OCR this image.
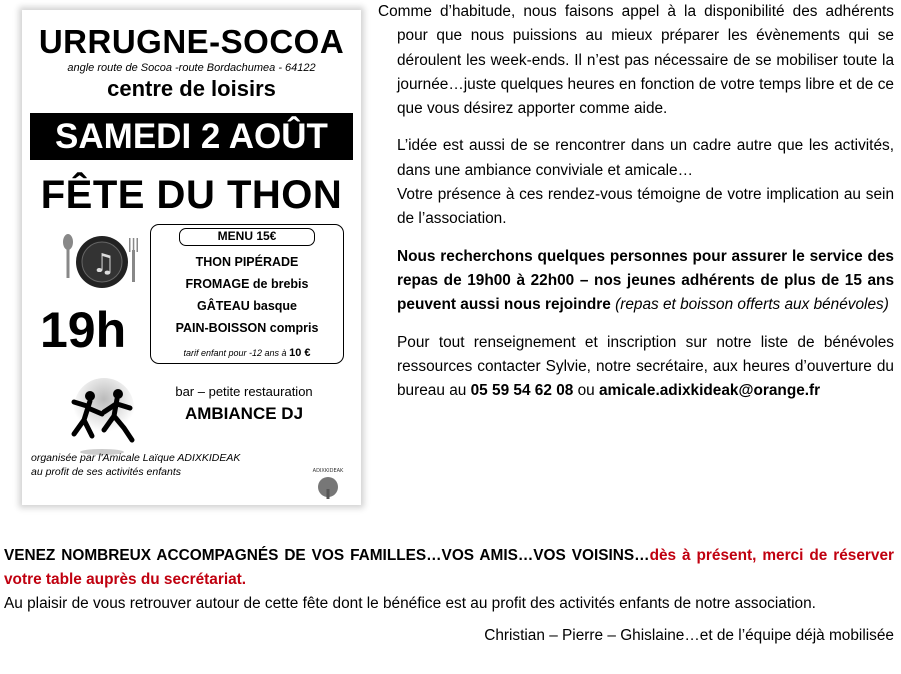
URRUGNE-SOCOA
angle route de Socoa -route Bordachumea - 64122
centre de loisirs
SAMEDI 2 AOÛT
FÊTE DU THON
♫
19h
MENU 15€
THON PIPÉRADE
FROMAGE de brebis
GÂTEAU basque
PAIN-BOISSON compris
tarif enfant pour -12 ans à 10 €
bar – petite restauration
AMBIANCE DJ
organisée par l'Amicale Laïque ADIXKIDEAK
au profit de ses activités enfants	ADIXKIDEAK

Comme d’habitude, nous faisons appel à la disponibilité des adhérents pour que nous puissions au mieux préparer les évènements qui se déroulent les week-ends. Il n’est pas nécessaire de se mobiliser toute la journée…juste quelques heures en fonction de votre temps libre et de ce que vous désirez apporter comme aide.

L’idée est aussi de se rencontrer dans un cadre autre que les activités, dans une ambiance conviviale et amicale…
Votre présence à ces rendez-vous témoigne de votre implication au sein de l’association.

Nous recherchons quelques personnes pour assurer le service des repas de 19h00 à 22h00 – nos jeunes adhérents de plus de 15 ans peuvent aussi nous rejoindre (repas et boisson offerts aux bénévoles)

Pour tout renseignement et inscription sur notre liste de bénévoles ressources contacter Sylvie, notre secrétaire, aux heures d’ouverture du bureau au 05 59 54 62 08 ou amicale.adixkideak@orange.fr

VENEZ NOMBREUX ACCOMPAGNÉS DE VOS FAMILLES…VOS AMIS…VOS VOISINS…dès à présent, merci de réserver votre table auprès du secrétariat.

Au plaisir de vous retrouver autour de cette fête dont le bénéfice est au profit des activités enfants de notre association.

Christian – Pierre – Ghislaine…et de l’équipe déjà mobilisée
